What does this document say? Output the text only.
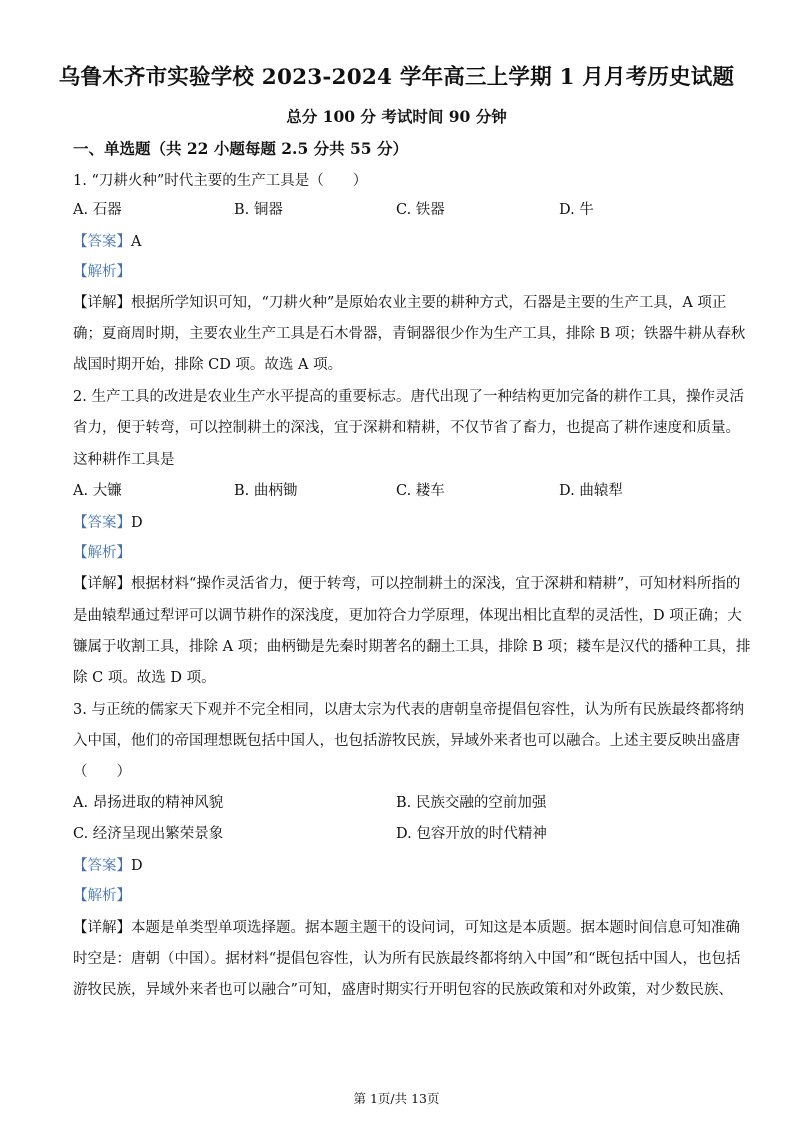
乌鲁木齐市实验学校 2023-2024 学年高三上学期 1 月月考历史试题
总分 100 分 考试时间 90 分钟
一、单选题（共 22 小题每题 2.5 分共 55 分）
1. “刀耕火种”时代主要的生产工具是（　　）
A. 石器	B. 铜器	C. 铁器	D. 牛
【答案】A
【解析】
【详解】根据所学知识可知，“刀耕火种”是原始农业主要的耕种方式，石器是主要的生产工具，A 项正
确；夏商周时期，主要农业生产工具是石木骨器，青铜器很少作为生产工具，排除 B 项；铁器牛耕从春秋
战国时期开始，排除 CD 项。故选 A 项。
2. 生产工具的改进是农业生产水平提高的重要标志。唐代出现了一种结构更加完备的耕作工具，操作灵活
省力，便于转弯，可以控制耕土的深浅，宜于深耕和精耕，不仅节省了畜力，也提高了耕作速度和质量。
这种耕作工具是
A. 大镰	B. 曲柄锄	C. 耧车	D. 曲辕犁
【答案】D
【解析】
【详解】根据材料“操作灵活省力，便于转弯，可以控制耕土的深浅，宜于深耕和精耕”，可知材料所指的
是曲辕犁通过犁评可以调节耕作的深浅度，更加符合力学原理，体现出相比直犁的灵活性，D 项正确；大
镰属于收割工具，排除 A 项；曲柄锄是先秦时期著名的翻土工具，排除 B 项；耧车是汉代的播种工具，排
除 C 项。故选 D 项。
3. 与正统的儒家天下观并不完全相同，以唐太宗为代表的唐朝皇帝提倡包容性，认为所有民族最终都将纳
入中国，他们的帝国理想既包括中国人，也包括游牧民族，异域外来者也可以融合。上述主要反映出盛唐
（　　）
A. 昂扬进取的精神风貌	B. 民族交融的空前加强
C. 经济呈现出繁荣景象	D. 包容开放的时代精神
【答案】D
【解析】
【详解】本题是单类型单项选择题。据本题主题干的设问词，可知这是本质题。据本题时间信息可知准确
时空是：唐朝（中国）。据材料“提倡包容性，认为所有民族最终都将纳入中国”和“既包括中国人，也包括
游牧民族，异域外来者也可以融合”可知，盛唐时期实行开明包容的民族政策和对外政策，对少数民族、
第 1页/共 13页
